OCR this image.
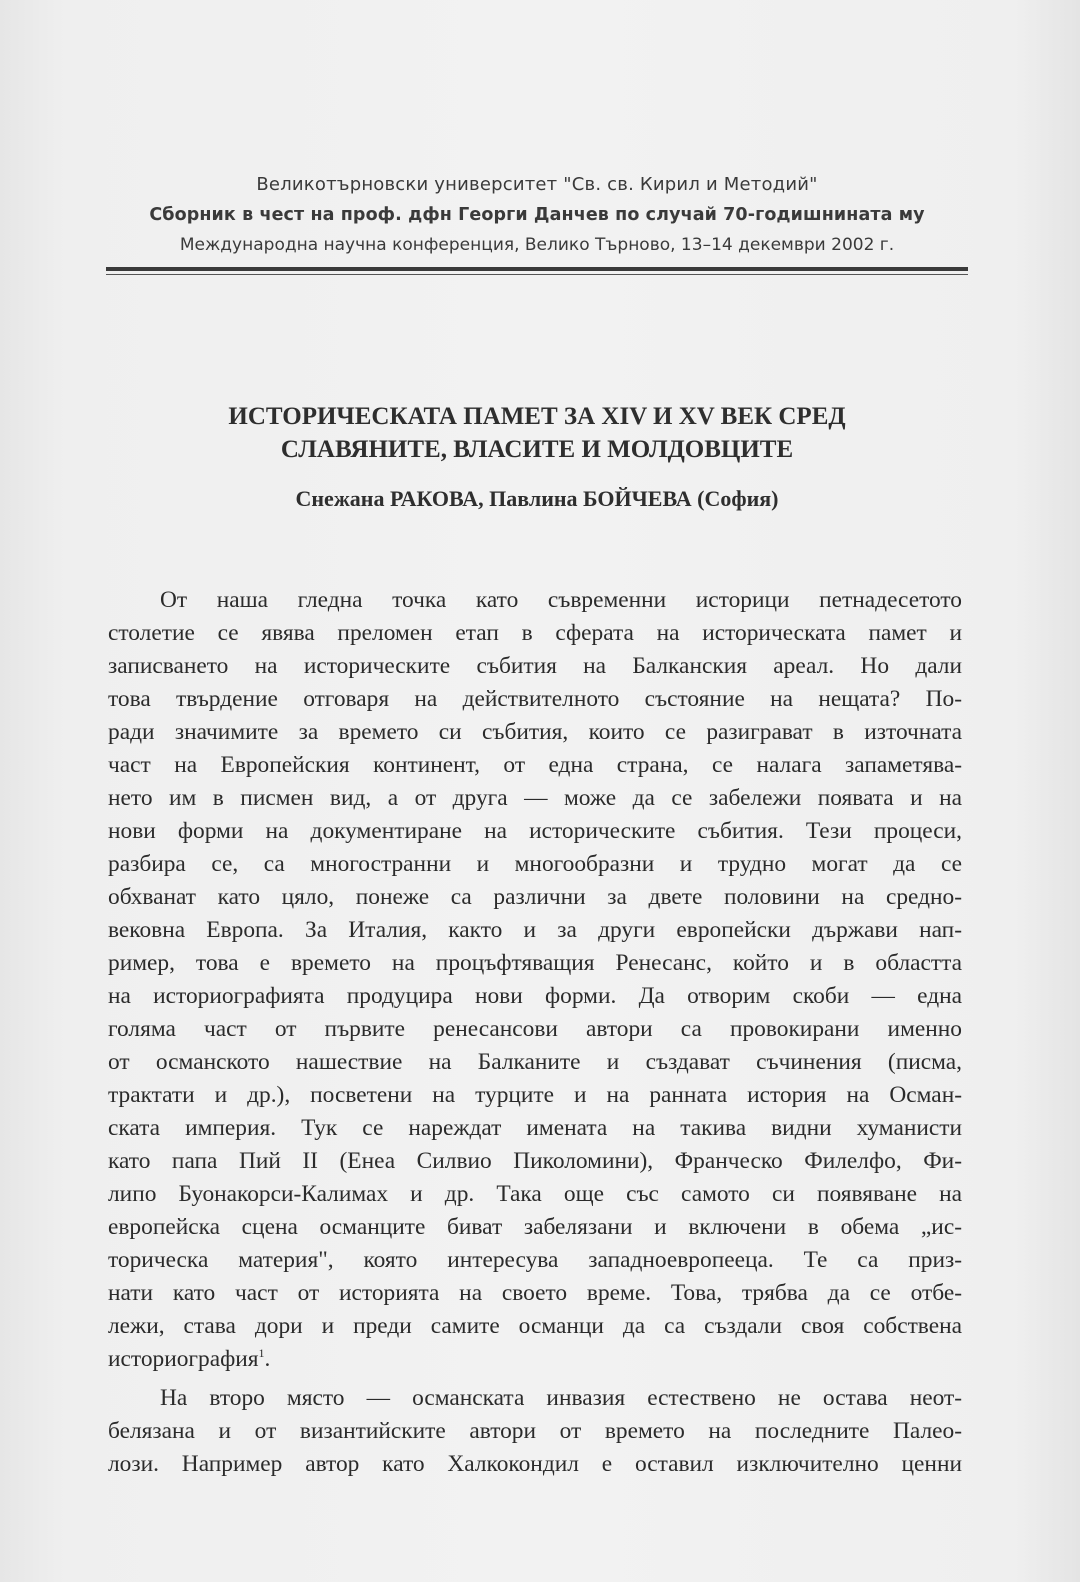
Великотърновски университет "Св. св. Кирил и Методий"
Сборник в чест на проф. дфн Георги Данчев по случай 70-годишнината му
Международна научна конференция, Велико Търново, 13–14 декември 2002 г.
ИСТОРИЧЕСКАТА ПАМЕТ ЗА XIV И XV ВЕК СРЕД
СЛАВЯНИТЕ, ВЛАСИТЕ И МОЛДОВЦИТЕ
Снежана РАКОВА, Павлина БОЙЧЕВА (София)
От наша гледна точка като съвременни историци петнадесетото
столетие се явява преломен етап в сферата на историческата памет и
записването на историческите събития на Балканския ареал. Но дали
това твърдение отговаря на действителното състояние на нещата? По-
ради значимите за времето си събития, които се разиграват в източната
част на Европейския континент, от една страна, се налага запаметява-
нето им в писмен вид, а от друга — може да се забележи появата и на
нови форми на документиране на историческите събития. Тези процеси,
разбира се, са многостранни и многообразни и трудно могат да се
обхванат като цяло, понеже са различни за двете половини на средно-
вековна Европа. За Италия, както и за други европейски държави нап-
ример, това е времето на процъфтяващия Ренесанс, който и в областта
на историографията продуцира нови форми. Да отворим скоби — една
голяма част от първите ренесансови автори са провокирани именно
от османското нашествие на Балканите и създават съчинения (писма,
трактати и др.), посветени на турците и на ранната история на Осман-
ската империя. Тук се нареждат имената на такива видни хуманисти
като папа Пий II (Енеа Силвио Пиколомини), Франческо Филелфо, Фи-
липо Буонакорси-Калимах и др. Така още със самото си появяване на
европейска сцена османците биват забелязани и включени в обема „ис-
торическа материя", която интересува западноевропееца. Те са приз-
нати като част от историята на своето време. Това, трябва да се отбе-
лежи, става дори и преди самите османци да са създали своя собствена
историография$^1$.
На второ място — османската инвазия естествено не остава неот-
белязана и от византийските автори от времето на последните Палео-
лози. Например автор като Халкокондил е оставил изключително ценни
